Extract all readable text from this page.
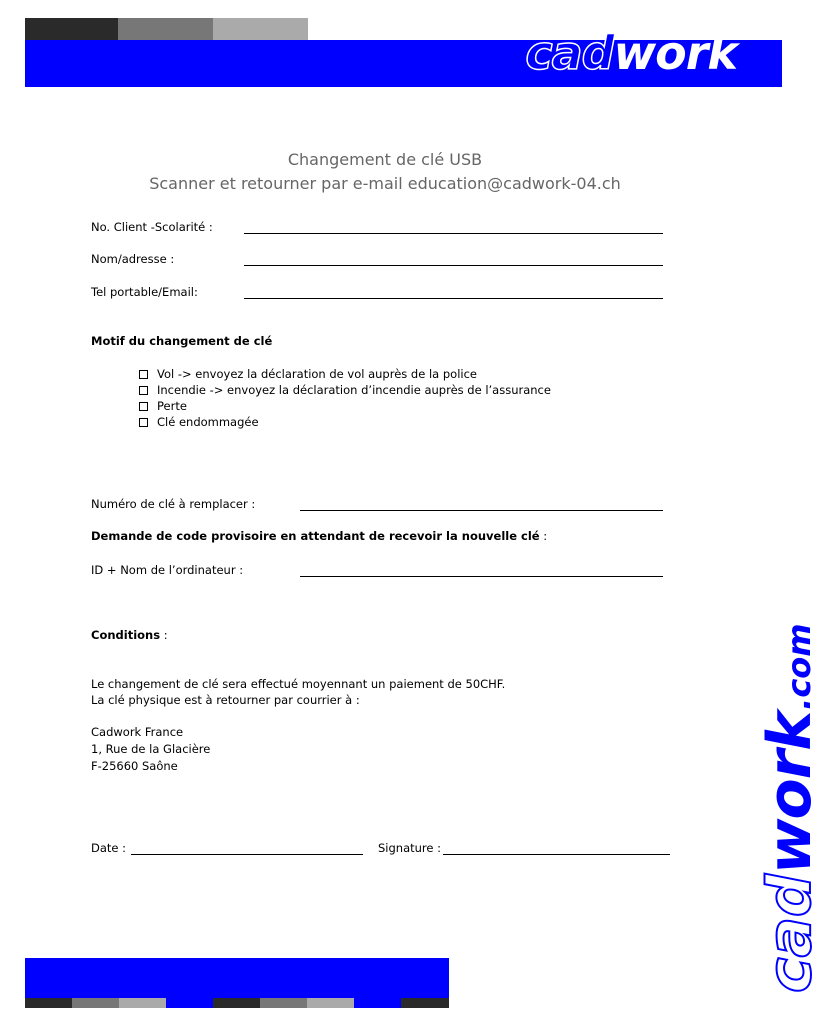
cadwork ®
Changement de clé USB
Scanner et retourner par e-mail education@cadwork-04.ch
No. Client -Scolarité :
Nom/adresse :
Tel portable/Email:
Motif du changement de clé
Vol -> envoyez la déclaration de vol auprès de la police
Incendie -> envoyez la déclaration d’incendie auprès de l’assurance
Perte
Clé endommagée
Numéro de clé à remplacer :
Demande de code provisoire en attendant de recevoir la nouvelle clé :
ID + Nom de l’ordinateur :
Conditions :
Le changement de clé sera effectué moyennant un paiement de 50CHF.
La clé physique est à retourner par courrier à :
Cadwork France
1, Rue de la Glacière
F-25660 Saône
Date :	Signature :
cadwork.com
